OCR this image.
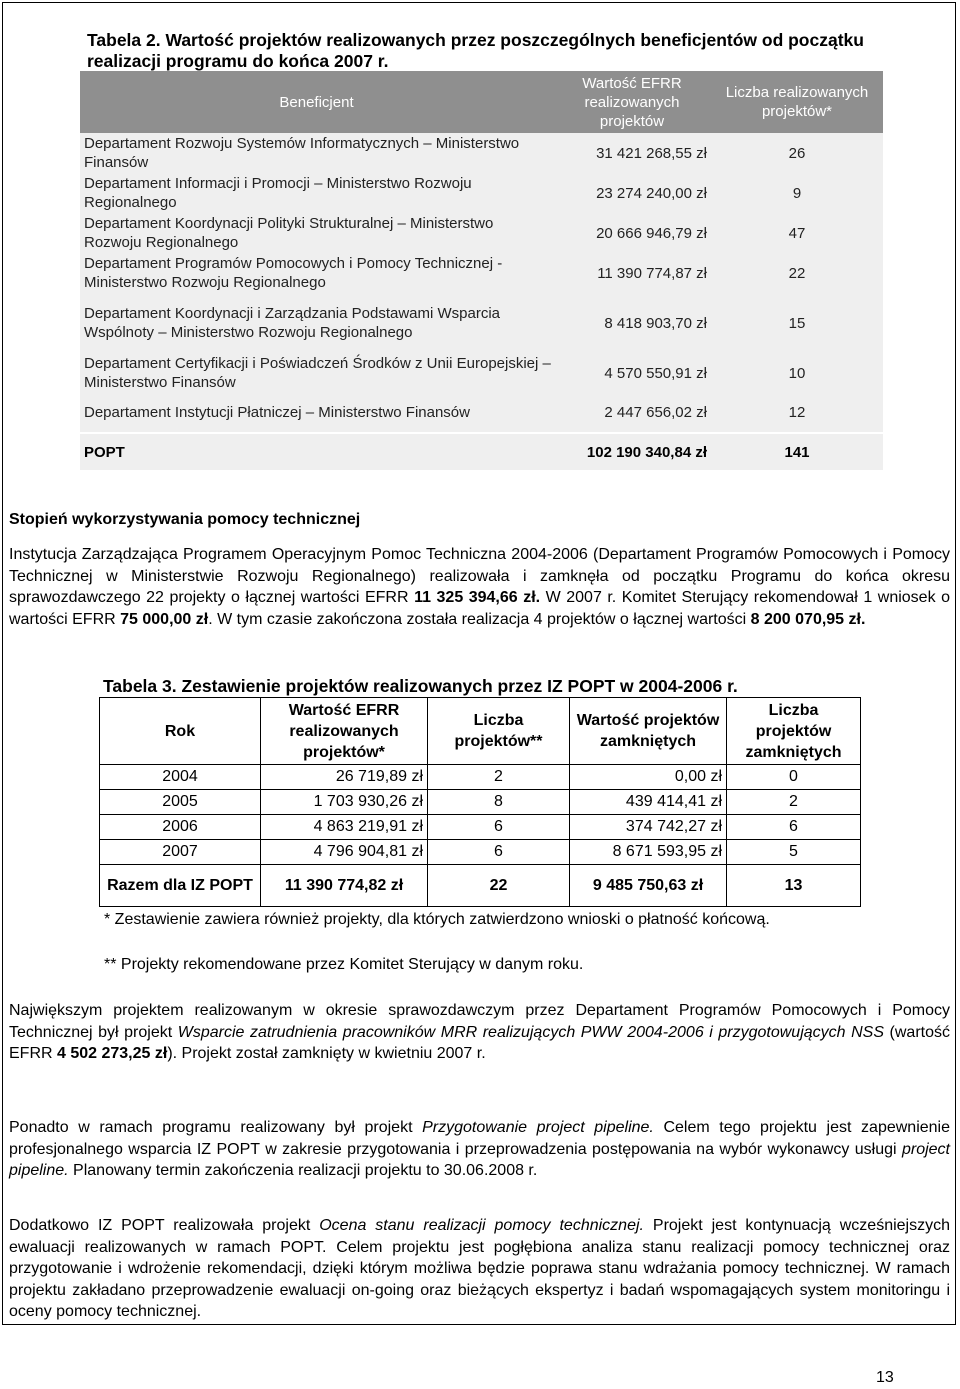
Tabela 2. Wartość projektów realizowanych przez poszczególnych beneficjentów od początku realizacji programu do końca 2007 r.
Beneficjent	Wartość EFRR realizowanych projektów	Liczba realizowanych projektów*
Departament Rozwoju Systemów Informatycznych – Ministerstwo Finansów	31 421 268,55 zł	26
Departament Informacji i Promocji – Ministerstwo Rozwoju Regionalnego	23 274 240,00 zł	9
Departament Koordynacji Polityki Strukturalnej – Ministerstwo Rozwoju Regionalnego	20 666 946,79 zł	47
Departament Programów Pomocowych i Pomocy Technicznej - Ministerstwo Rozwoju Regionalnego	11 390 774,87 zł	22
Departament Koordynacji i Zarządzania Podstawami Wsparcia Wspólnoty – Ministerstwo Rozwoju Regionalnego	8 418 903,70 zł	15
Departament Certyfikacji i Poświadczeń Środków z Unii Europejskiej – Ministerstwo Finansów	4 570 550,91 zł	10
Departament Instytucji Płatniczej – Ministerstwo Finansów	2 447 656,02 zł	12
POPT	102 190 340,84 zł	141
Stopień wykorzystywania pomocy technicznej
Instytucja Zarządzająca Programem Operacyjnym Pomoc Techniczna 2004-2006 (Departament Programów Pomocowych i Pomocy Technicznej w Ministerstwie Rozwoju Regionalnego) realizowała i zamknęła od początku Programu do końca okresu sprawozdawczego 22 projekty o łącznej wartości EFRR 11 325 394,66 zł. W 2007 r. Komitet Sterujący rekomendował 1 wniosek o wartości EFRR 75 000,00 zł. W tym czasie zakończona została realizacja 4 projektów o łącznej wartości 8 200 070,95 zł.
Tabela 3. Zestawienie projektów realizowanych przez IZ POPT w 2004-2006 r.
Rok	Wartość EFRR realizowanych projektów*	Liczba projektów**	Wartość projektów zamkniętych	Liczba projektów zamkniętych
2004	26 719,89 zł	2	0,00 zł	0
2005	1 703 930,26 zł	8	439 414,41 zł	2
2006	4 863 219,91 zł	6	374 742,27 zł	6
2007	4 796 904,81 zł	6	8 671 593,95 zł	5
Razem dla IZ POPT	11 390 774,82 zł	22	9 485 750,63 zł	13
* Zestawienie zawiera również projekty, dla których zatwierdzono wnioski o płatność końcową.
** Projekty rekomendowane przez Komitet Sterujący w danym roku.
Największym projektem realizowanym w okresie sprawozdawczym przez Departament Programów Pomocowych i Pomocy Technicznej był projekt Wsparcie zatrudnienia pracowników MRR realizujących PWW 2004-2006 i przygotowujących NSS (wartość EFRR 4 502 273,25 zł). Projekt został zamknięty w kwietniu 2007 r.
Ponadto w ramach programu realizowany był projekt Przygotowanie project pipeline. Celem tego projektu jest zapewnienie profesjonalnego wsparcia IZ POPT w zakresie przygotowania i przeprowadzenia postępowania na wybór wykonawcy usługi project pipeline. Planowany termin zakończenia realizacji projektu to 30.06.2008 r.
Dodatkowo IZ POPT realizowała projekt Ocena stanu realizacji pomocy technicznej. Projekt jest kontynuacją wcześniejszych ewaluacji realizowanych w ramach POPT. Celem projektu jest pogłębiona analiza stanu realizacji pomocy technicznej oraz przygotowanie i wdrożenie rekomendacji, dzięki którym możliwa będzie poprawa stanu wdrażania pomocy technicznej. W ramach projektu zakładano przeprowadzenie ewaluacji on-going oraz bieżących ekspertyz i badań wspomagających system monitoringu i oceny pomocy technicznej.
13
